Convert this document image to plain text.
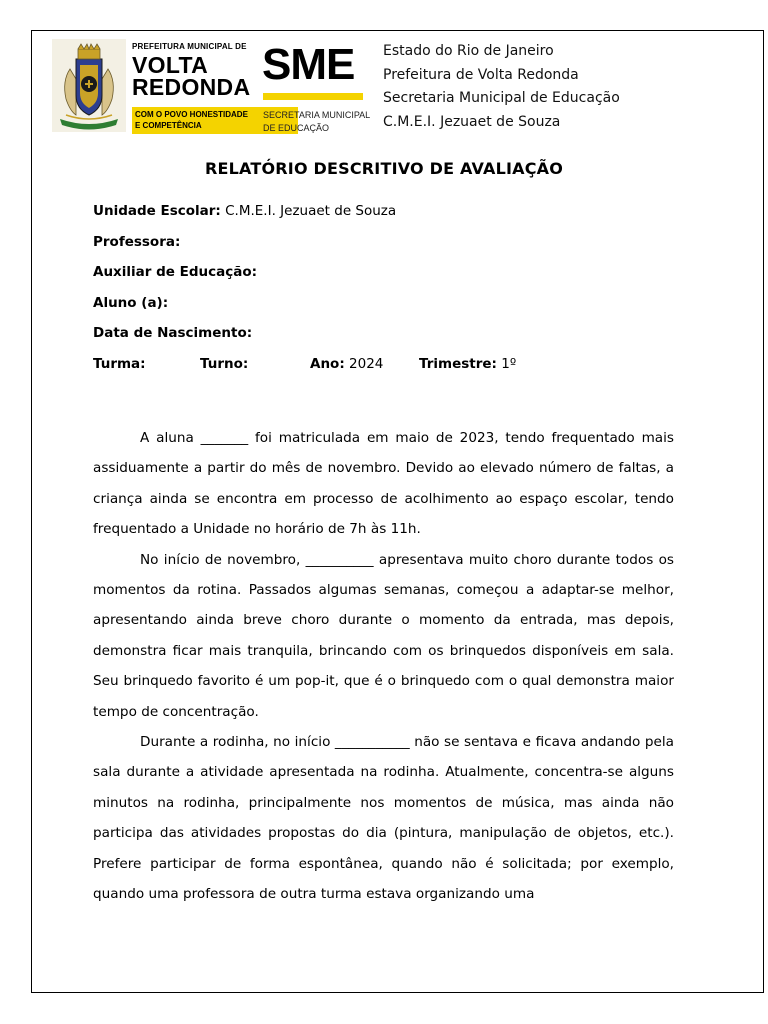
PREFEITURA MUNICIPAL DE
VOLTA
REDONDA
COM O POVO HONESTIDADE
E COMPETÊNCIA
SME
SECRETARIA MUNICIPAL
DE EDUCAÇÃO
Estado do Rio de Janeiro
Prefeitura de Volta Redonda
Secretaria Municipal de Educação
C.M.E.I. Jezuaet de Souza
RELATÓRIO DESCRITIVO DE AVALIAÇÃO
Unidade Escolar: C.M.E.I. Jezuaet de Souza
Professora:
Auxiliar de Educação:
Aluno (a):
Data de Nascimento:
Turma:	Turno:	Ano: 2024	Trimestre: 1º

A aluna _______ foi matriculada em maio de 2023, tendo frequentado mais assiduamente a partir do mês de novembro. Devido ao elevado número de faltas, a criança ainda se encontra em processo de acolhimento ao espaço escolar, tendo frequentado a Unidade no horário de 7h às 11h.

No início de novembro, __________ apresentava muito choro durante todos os momentos da rotina. Passados algumas semanas, começou a adaptar-se melhor, apresentando ainda breve choro durante o momento da entrada, mas depois, demonstra ficar mais tranquila, brincando com os brinquedos disponíveis em sala. Seu brinquedo favorito é um pop-it, que é o brinquedo com o qual demonstra maior tempo de concentração.

Durante a rodinha, no início ___________ não se sentava e ficava andando pela sala durante a atividade apresentada na rodinha. Atualmente, concentra-se alguns minutos na rodinha, principalmente nos momentos de música, mas ainda não participa das atividades propostas do dia (pintura, manipulação de objetos, etc.). Prefere participar de forma espontânea, quando não é solicitada; por exemplo, quando uma professora de outra turma estava organizando uma
